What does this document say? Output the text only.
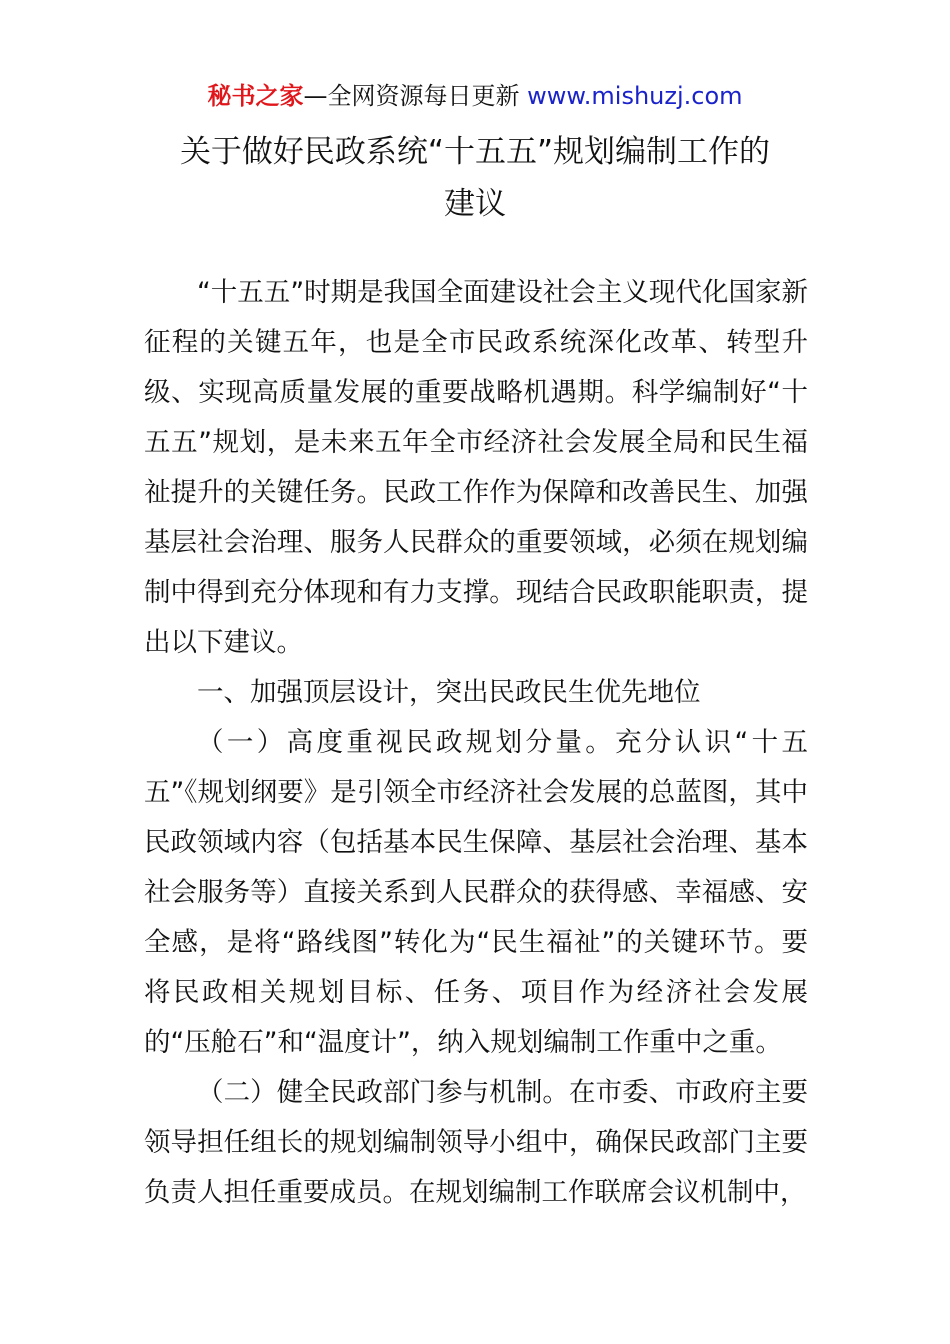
秘书之家—全网资源每日更新 www.mishuzj.com
关于做好民政系统“十五五”规划编制工作的
建议

“十五五”时期是我国全面建设社会主义现代化国家新征程的关键五年，也是全市民政系统深化改革、转型升级、实现高质量发展的重要战略机遇期。科学编制好“十五五”规划，是未来五年全市经济社会发展全局和民生福祉提升的关键任务。民政工作作为保障和改善民生、加强基层社会治理、服务人民群众的重要领域，必须在规划编制中得到充分体现和有力支撑。现结合民政职能职责，提出以下建议。

一、加强顶层设计，突出民政民生优先地位

（一）高度重视民政规划分量。充分认识“十五五”《规划纲要》是引领全市经济社会发展的总蓝图，其中民政领域内容（包括基本民生保障、基层社会治理、基本社会服务等）直接关系到人民群众的获得感、幸福感、安全感，是将“路线图”转化为“民生福祉”的关键环节。要将民政相关规划目标、任务、项目作为经济社会发展的“压舱石”和“温度计”，纳入规划编制工作重中之重。

（二）健全民政部门参与机制。在市委、市政府主要领导担任组长的规划编制领导小组中，确保民政部门主要负责人担任重要成员。在规划编制工作联席会议机制中，
